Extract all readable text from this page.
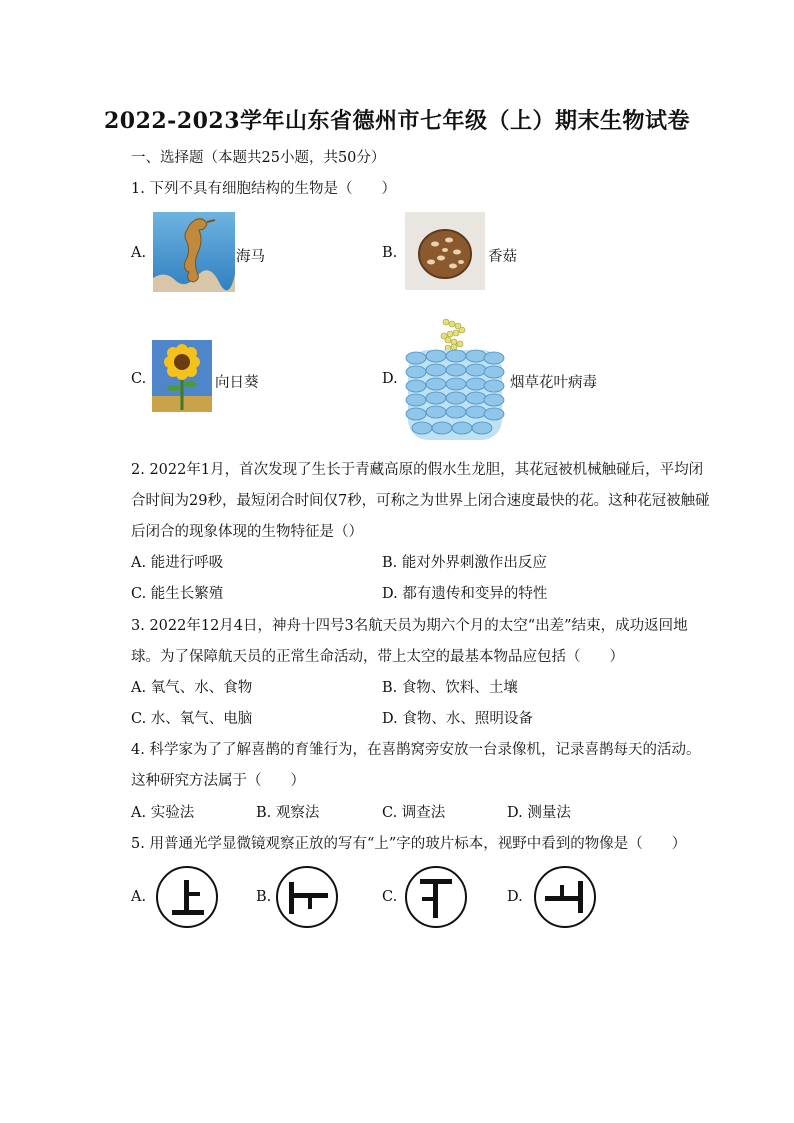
2022-2023学年山东省德州市七年级（上）期末生物试卷
一、选择题（本题共25小题，共50分）
1. 下列不具有细胞结构的生物是（　　）
A.	海马	B.	香菇
C.	向日葵	D.	烟草花叶病毒
2. 2022年1月，首次发现了生长于青藏高原的假水生龙胆，其花冠被机械触碰后，平均闭
合时间为29秒，最短闭合时间仅7秒，可称之为世界上闭合速度最快的花。这种花冠被触碰
后闭合的现象体现的生物特征是（）
A. 能进行呼吸	B. 能对外界刺激作出反应
C. 能生长繁殖	D. 都有遗传和变异的特性
3. 2022年12月4日，神舟十四号3名航天员为期六个月的太空“出差”结束，成功返回地
球。为了保障航天员的正常生命活动，带上太空的最基本物品应包括（　　）
A. 氧气、水、食物	B. 食物、饮料、土壤
C. 水、氧气、电脑	D. 食物、水、照明设备
4. 科学家为了了解喜鹊的育雏行为，在喜鹊窝旁安放一台录像机，记录喜鹊每天的活动。
这种研究方法属于（　　）
A. 实验法	B. 观察法	C. 调查法	D. 测量法
5. 用普通光学显微镜观察正放的写有“上”字的玻片标本，视野中看到的物像是（　　）
A.	B.	C.	D.
